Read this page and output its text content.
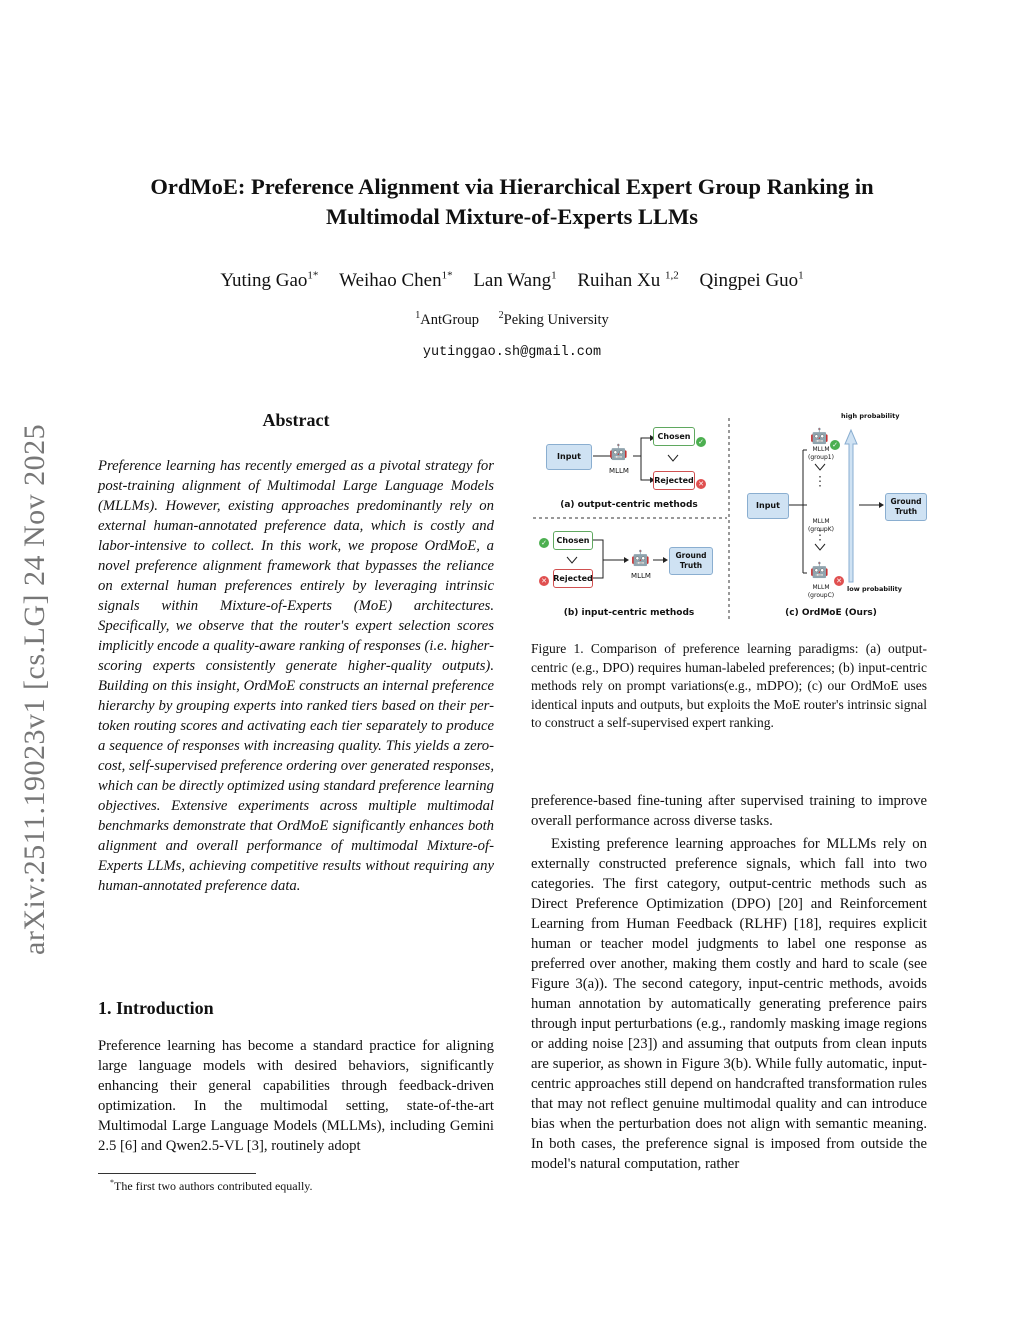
arXiv:2511.19023v1 [cs.LG] 24 Nov 2025
OrdMoE: Preference Alignment via Hierarchical Expert Group Ranking in
Multimodal Mixture-of-Experts LLMs
Yuting Gao$^{1*}$ Weihao Chen$^{1*}$ Lan Wang$^1$ Ruihan Xu $^{1,2}$ Qingpei Guo$^1$
$^1$AntGroup $^2$Peking University
yutinggao.sh@gmail.com
Abstract
Preference learning has recently emerged as a pivotal strategy for post-training alignment of Multimodal Large Language Models (MLLMs). However, existing approaches predominantly rely on external human-annotated preference data, which is costly and labor-intensive to collect. In this work, we propose OrdMoE, a novel preference alignment framework that bypasses the reliance on external human preferences entirely by leveraging intrinsic signals within Mixture-of-Experts (MoE) architectures. Specifically, we observe that the router's expert selection scores implicitly encode a quality-aware ranking of responses (i.e. higher-scoring experts consistently generate higher-quality outputs). Building on this insight, OrdMoE constructs an internal preference hierarchy by grouping experts into ranked tiers based on their per-token routing scores and activating each tier separately to produce a sequence of responses with increasing quality. This yields a zero-cost, self-supervised preference ordering over generated responses, which can be directly optimized using standard preference learning objectives. Extensive experiments across multiple multimodal benchmarks demonstrate that OrdMoE significantly enhances both alignment and overall performance of multimodal Mixture-of-Experts LLMs, achieving competitive results without requiring any human-annotated preference data.
1. Introduction
Preference learning has become a standard practice for aligning large language models with desired behaviors, significantly enhancing their general capabilities through feedback-driven optimization. In the multimodal setting, state-of-the-art Multimodal Large Language Models (MLLMs), including Gemini 2.5 [6] and Qwen2.5-VL [3], routinely adopt
*The first two authors contributed equally.
Input	🤖
MLLM
Chosen
✓
Rejected ✕
(a) output-centric methods
Chosen
✓
Rejected
✕
🤖
MLLM
Ground Truth
(b) input-centric methods
high probability
Input
🤖 ✓
MLLM (group1)
MLLM (groupK)
🤖
✕
MLLM (groupC)
low probability
Ground Truth
(c) OrdMoE (Ours)
Figure 1. Comparison of preference learning paradigms: (a) output-centric (e.g., DPO) requires human-labeled preferences; (b) input-centric methods rely on prompt variations(e.g., mDPO); (c) our OrdMoE uses identical inputs and outputs, but exploits the MoE router's intrinsic signal to construct a self-supervised expert ranking.

preference-based fine-tuning after supervised training to improve overall performance across diverse tasks.

Existing preference learning approaches for MLLMs rely on externally constructed preference signals, which fall into two categories. The first category, output-centric methods such as Direct Preference Optimization (DPO) [20] and Reinforcement Learning from Human Feedback (RLHF) [18], requires explicit human or teacher model judgments to label one response as preferred over another, making them costly and hard to scale (see Figure 3(a)). The second category, input-centric methods, avoids human annotation by automatically generating preference pairs through input perturbations (e.g., randomly masking image regions or adding noise [23]) and assuming that outputs from clean inputs are superior, as shown in Figure 3(b). While fully automatic, input-centric approaches still depend on handcrafted transformation rules that may not reflect genuine multimodal quality and can introduce bias when the perturbation does not align with semantic meaning. In both cases, the preference signal is imposed from outside the model's natural computation, rather
